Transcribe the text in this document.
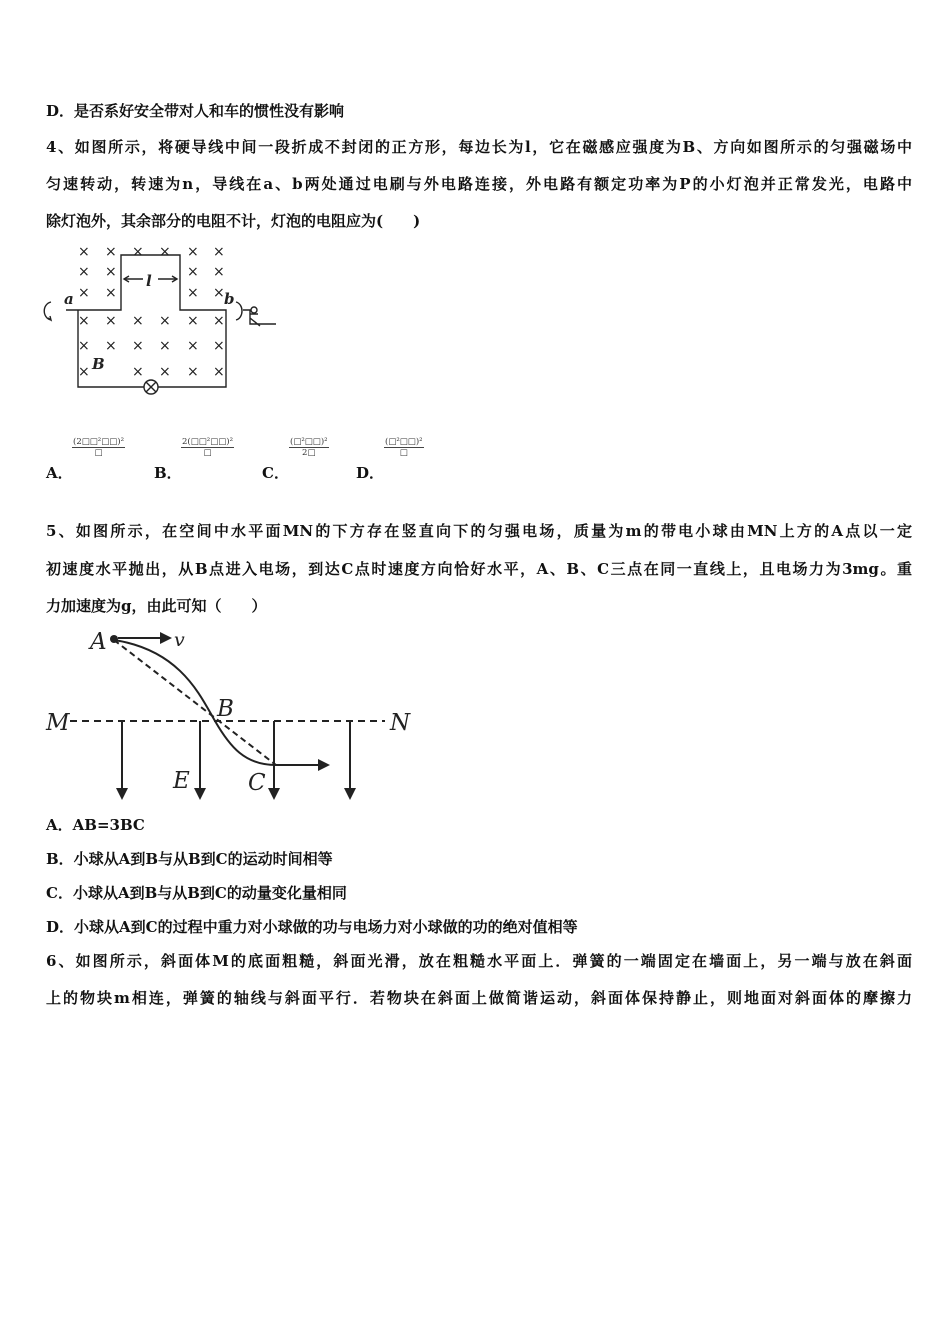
D．是否系好安全带对人和车的惯性没有影响
4、如图所示，将硬导线中间一段折成不封闭的正方形，每边长为l，它在磁感应强度为B、方向如图所示的匀强磁场中
匀速转动，转速为n，导线在a、b两处通过电刷与外电路连接，外电路有额定功率为P的小灯泡并正常发光，电路中
除灯泡外，其余部分的电阻不计，灯泡的电阻应为(　　)
× × × × × ×
× ×	× ×
× ×	× ×
× × × × × ×
× × × × × ×
×	× × × ×
a	b
l
B
A．
(2□□²□□)²
□
B．
2(□□²□□)²
□
C．
(□²□□)²
2□
D．
(□²□□)²
□
5、如图所示，在空间中水平面MN的下方存在竖直向下的匀强电场，质量为m的带电小球由MN上方的A点以一定
初速度水平抛出，从B点进入电场，到达C点时速度方向恰好水平，A、B、C三点在同一直线上，且电场力为3mg。重
力加速度为g，由此可知（　　）
A	v
B
M	N
E	C
A．AB=3BC
B．小球从A到B与从B到C的运动时间相等
C．小球从A到B与从B到C的动量变化量相同
D．小球从A到C的过程中重力对小球做的功与电场力对小球做的功的绝对值相等
6、如图所示，斜面体M的底面粗糙，斜面光滑，放在粗糙水平面上．弹簧的一端固定在墙面上，另一端与放在斜面
上的物块m相连，弹簧的轴线与斜面平行．若物块在斜面上做简谐运动，斜面体保持静止，则地面对斜面体的摩擦力
